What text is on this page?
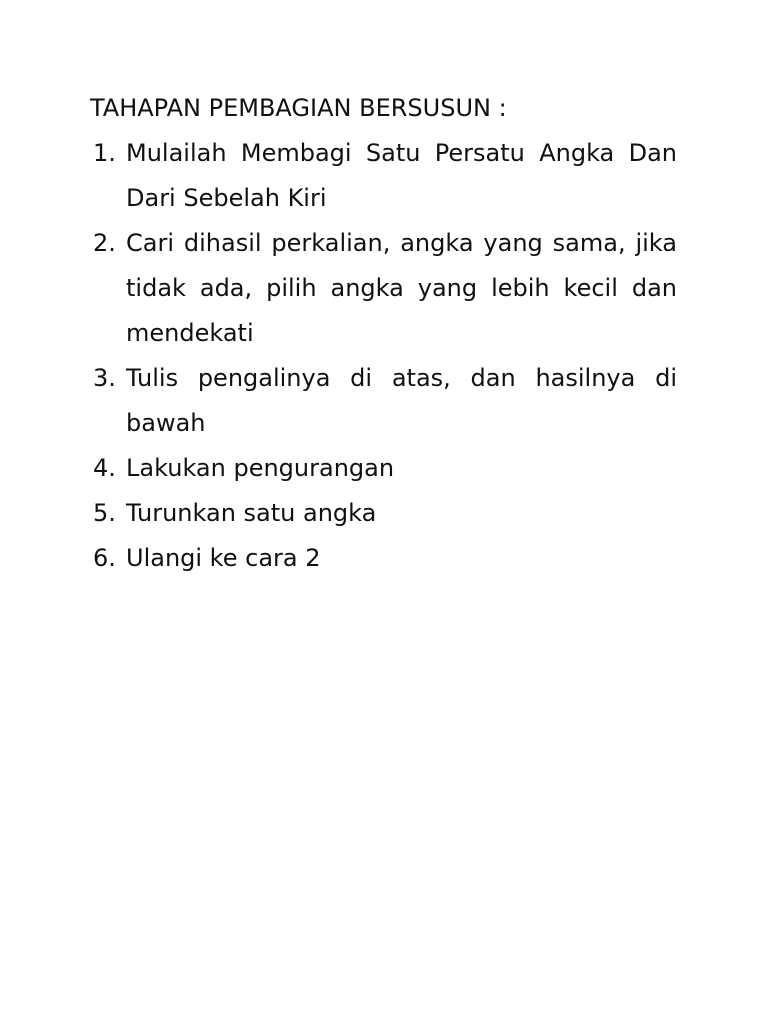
TAHAPAN PEMBAGIAN BERSUSUN :
1. Mulailah Membagi Satu Persatu Angka Dan Dari Sebelah Kiri
2. Cari dihasil perkalian, angka yang sama, jika tidak ada, pilih angka yang lebih kecil dan mendekati
3. Tulis pengalinya di atas, dan hasilnya di bawah
4. Lakukan pengurangan
5. Turunkan satu angka
6. Ulangi ke cara 2
